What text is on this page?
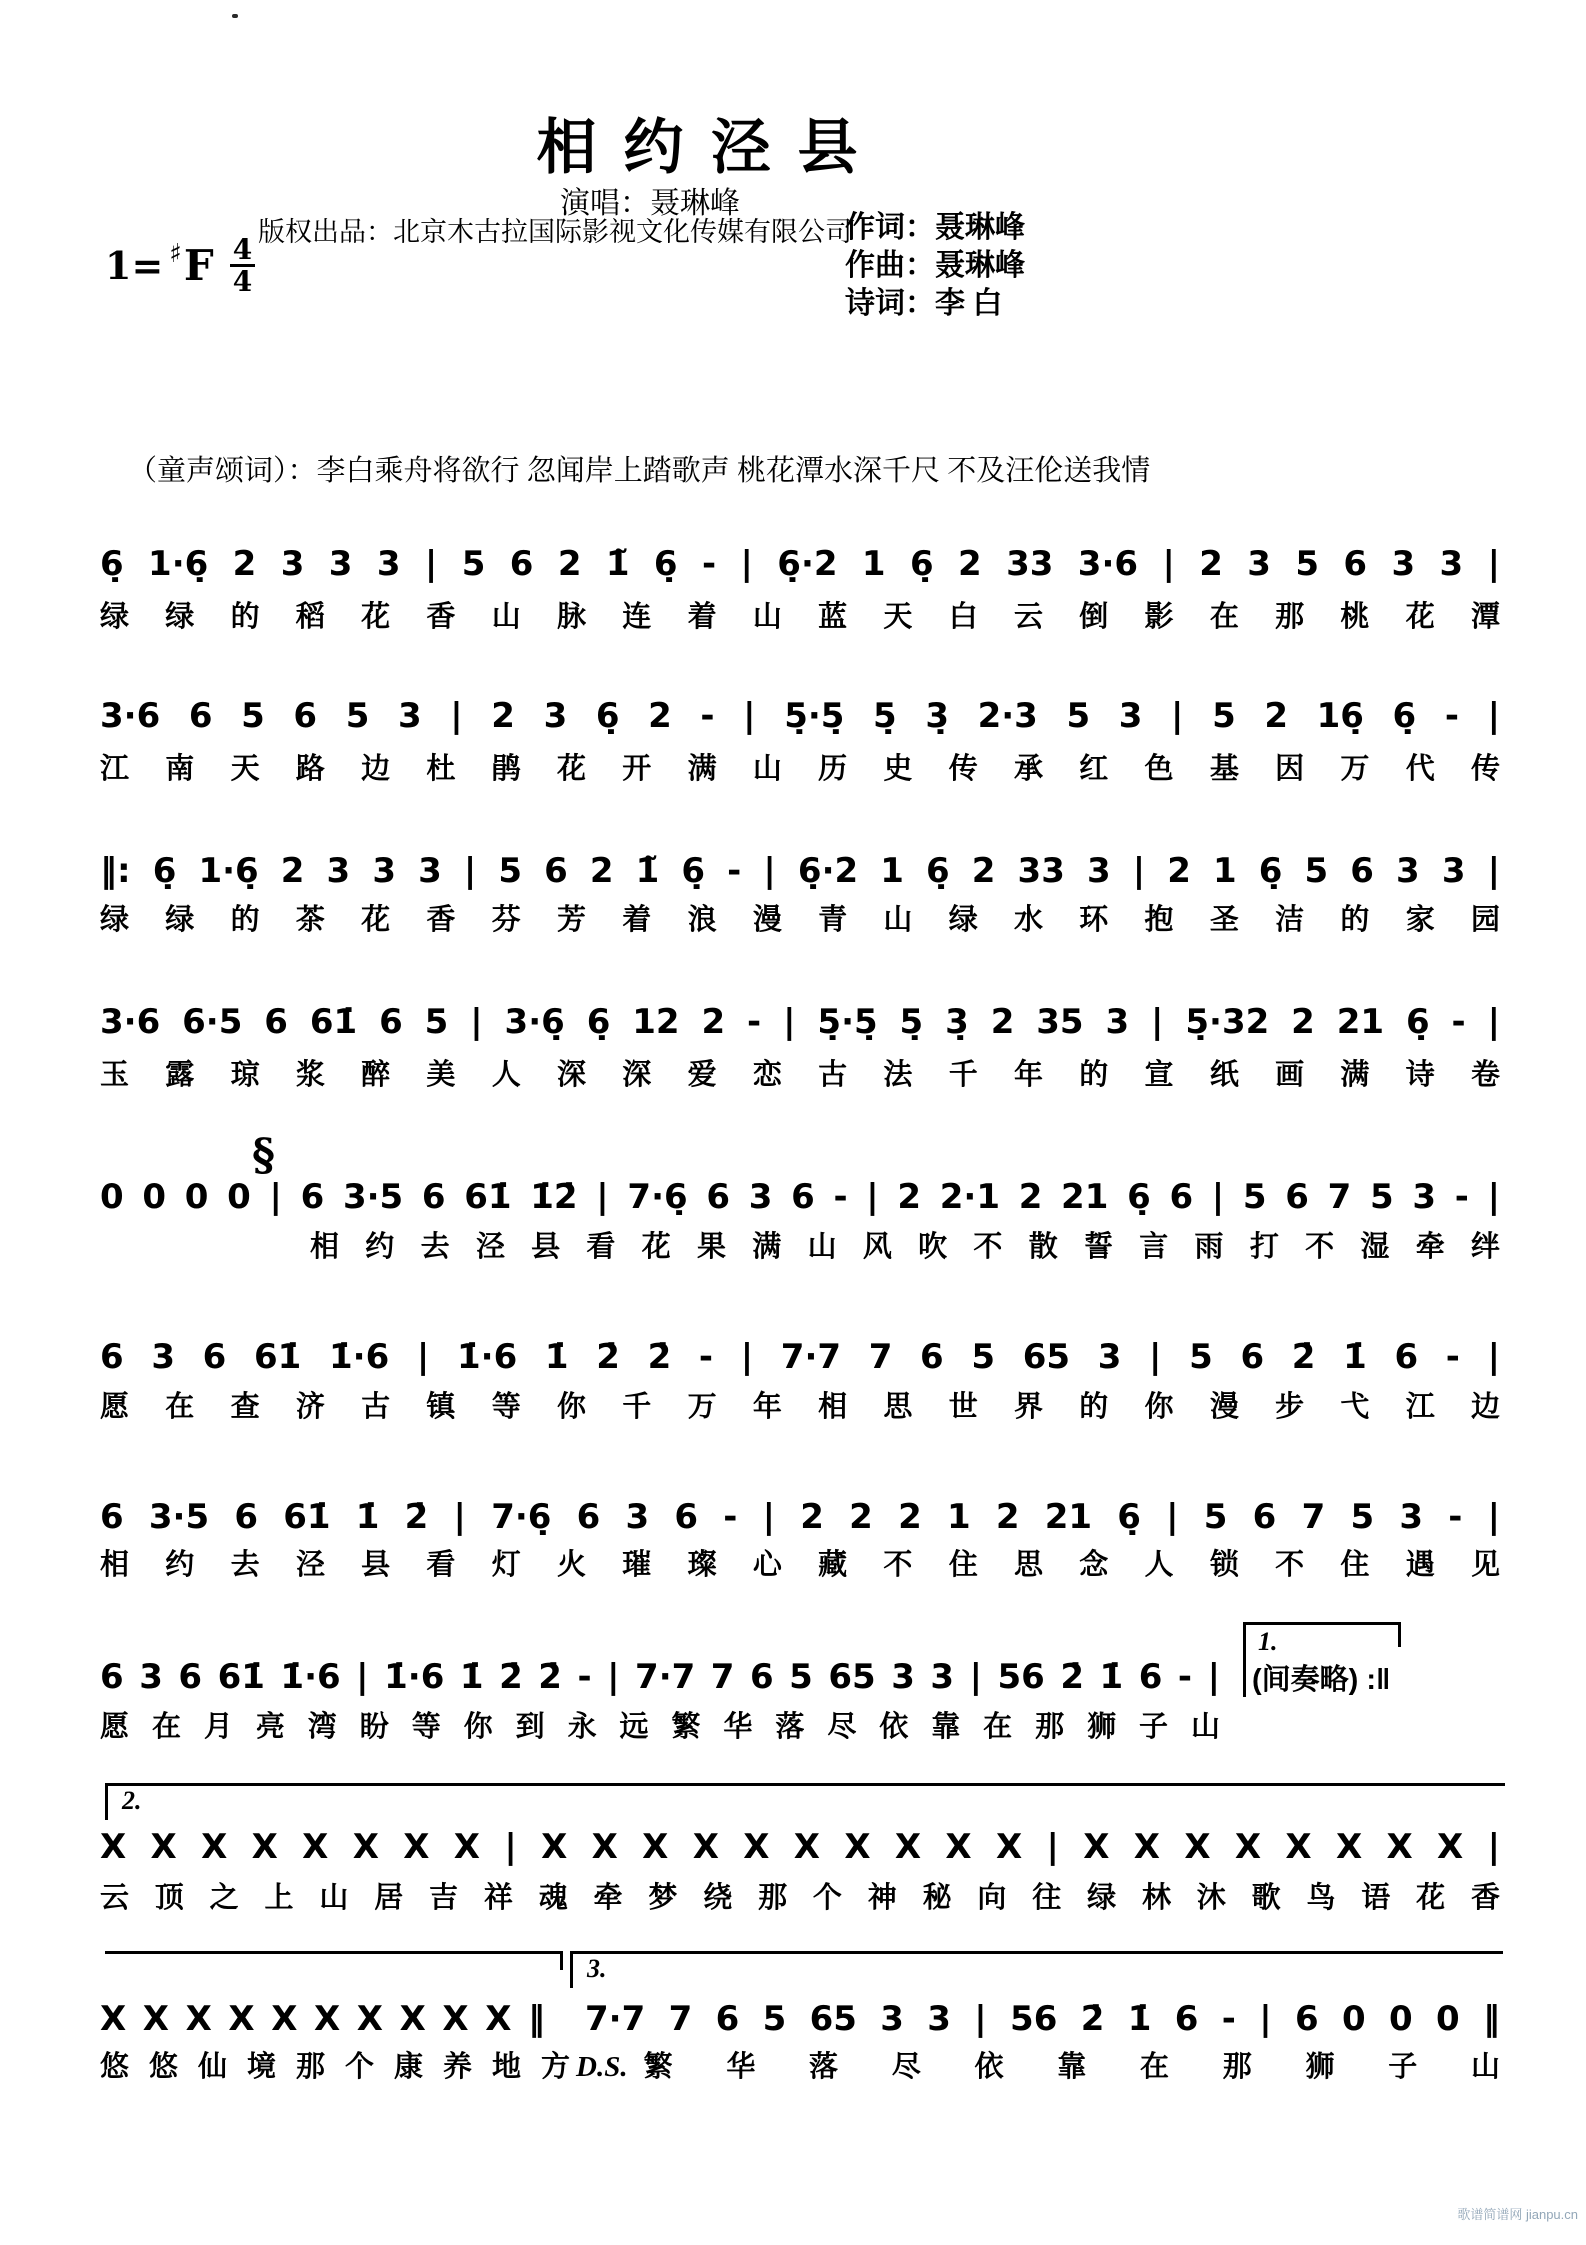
相 约 泾 县
演唱：聂琳峰
版权出品：北京木古拉国际影视文化传媒有限公司
作词：聂琳峰
作曲：聂琳峰
诗词：李 白
1= ♯ F $\frac{4}{4}$
（童声颂词）：李白乘舟将欲行 忽闻岸上踏歌声 桃花潭水深千尺 不及汪伦送我情
6̣ 1·6̣ 2 3 3 3 | 5 6 2 1̃ 6̣ - | 6̣·2 1 6̣ 2 33 3·6 | 2 3 5 6 3 3 |
绿 绿 的 稻 花 香 山 脉 连 着 山 蓝 天 白 云 倒 影 在 那 桃 花 潭
3·6 6 5 6 5 3 | 2 3 6̣ 2 - | 5̣·5̣ 5̣ 3̣ 2·3 5 3 | 5 2 16̣ 6̣ - |
江 南 天 路 边 杜 鹃 花 开 满 山 历 史 传 承 红 色 基 因 万 代 传
‖: 6̣ 1·6̣ 2 3 3 3 | 5 6 2 1̃ 6̣ - | 6̣·2 1 6̣ 2 33 3 | 2 1 6̣ 5 6 3 3 |
绿 绿 的 茶 花 香 芬 芳 着 浪 漫 青 山 绿 水 环 抱 圣 洁 的 家 园
3·6 6·5 6 61̇ 6 5 | 3·6̣ 6̣ 12 2 - | 5̣·5̣ 5̣ 3̣ 2 35 3 | 5̣·32 2 21 6̣ - |
玉 露 琼 浆 醉 美 人 深 深 爱 恋 古 法 千 年 的 宣 纸 画 满 诗 卷
§
0 0 0 0 | 6 3·5 6 61̇ 1̇2̇ | 7·6̣ 6 3 6 - | 2 2·1 2 21 6̣ 6 | 5 6 7 5 3 - |
相 约 去 泾 县 看 花 果 满 山 风 吹 不 散 誓 言 雨 打 不 湿 牵 绊
6 3 6 61̇ 1̇·6 | 1̇·6 1̇ 2̇ 2̇ - | 7·7 7 6 5 65 3 | 5 6 2̇ 1̇ 6 - |
愿 在 查 济 古 镇 等 你 千 万 年 相 思 世 界 的 你 漫 步 弋 江 边
6 3·5 6 61̇ 1̇ 2̇ | 7·6̣ 6 3 6 - | 2 2 2 1 2 21 6̣ | 5 6 7 5 3 - |
相 约 去 泾 县 看 灯 火 璀 璨 心 藏 不 住 思 念 人 锁 不 住 遇 见
1.
(间奏略) :‖
6 3 6 61̇ 1̇·6 | 1̇·6 1̇ 2̇ 2̇ - | 7·7 7 6 5 65 3 3 | 56 2̇ 1̇ 6 - |
愿 在 月 亮 湾 盼 等 你 到 永 远 繁 华 落 尽 依 靠 在 那 狮 子 山
2.
X X X X X X X X | X X X X X X X X X X | X X X X X X X X |
云 顶 之 上 山 居 吉 祥 魂 牵 梦 绕 那 个 神 秘 向 往 绿 林 沐 歌 鸟 语 花 香
3.
X X X X X X X X X X ‖ 7·7 7 6 5 65 3 3 | 56 2̇ 1̇ 6 - | 6 0 0 0 ‖
悠 悠 仙 境 那 个 康 养 地 方 D.S. 繁 华 落 尽 依 靠 在 那 狮 子 山
歌谱简谱网 jianpu.cn
